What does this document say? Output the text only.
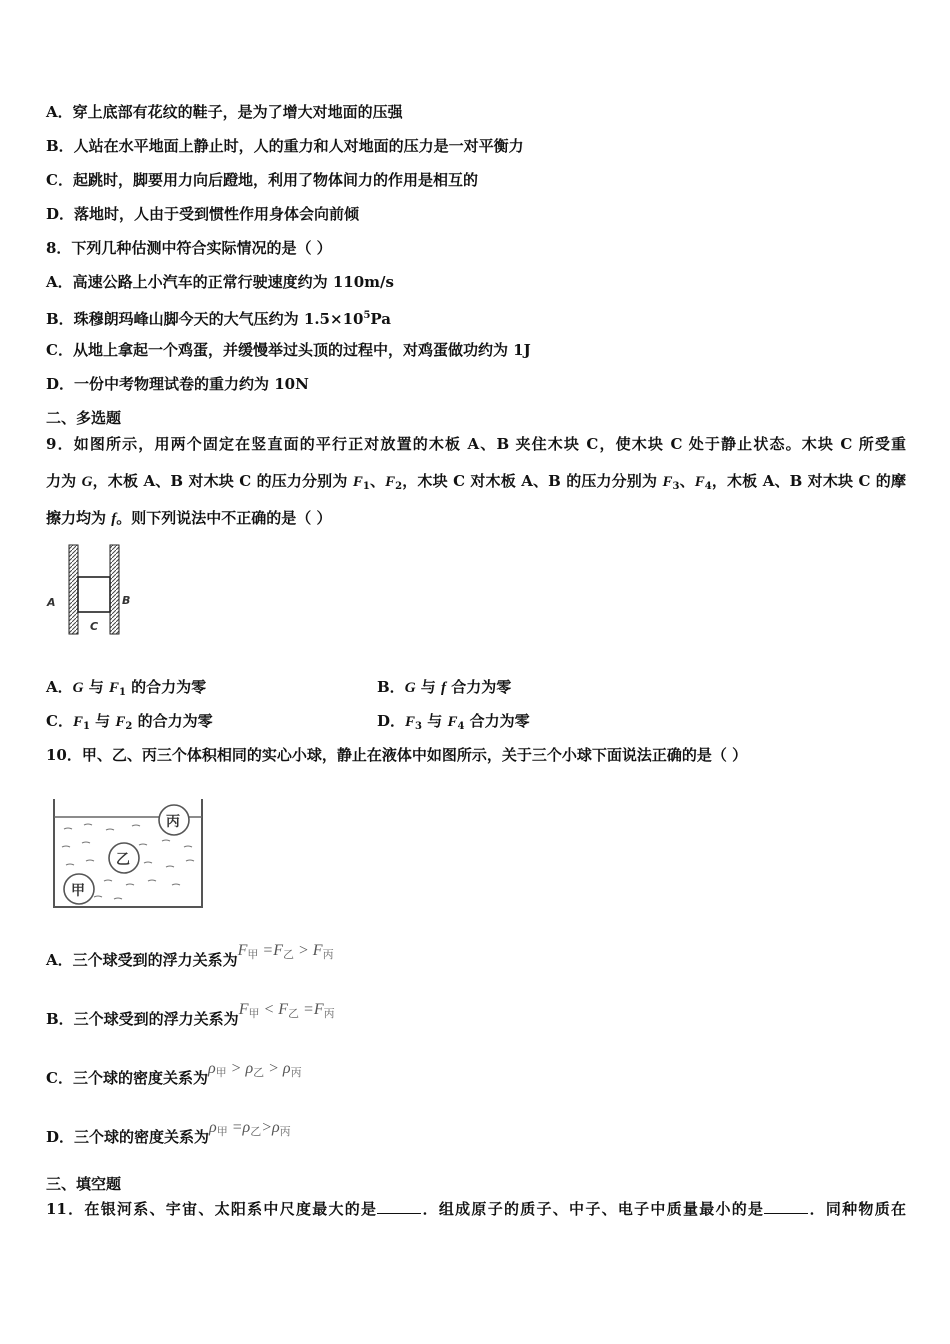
A．穿上底部有花纹的鞋子，是为了增大对地面的压强
B．人站在水平地面上静止时，人的重力和人对地面的压力是一对平衡力
C．起跳时，脚要用力向后蹬地，利用了物体间力的作用是相互的
D．落地时，人由于受到惯性作用身体会向前倾
8．下列几种估测中符合实际情况的是（ ）
A．高速公路上小汽车的正常行驶速度约为 110m/s
B．珠穆朗玛峰山脚今天的大气压约为 $1.5\times 10^5Pa$
C．从地上拿起一个鸡蛋，并缓慢举过头顶的过程中，对鸡蛋做功约为 1J
D．一份中考物理试卷的重力约为 10N
二、多选题
9．如图所示，用两个固定在竖直面的平行正对放置的木板 A、B 夹住木块 C，使木块 C 处于静止状态。木块 C 所受重
力为 G，木板 A、B 对木块 C 的压力分别为 $F_1$、$F_2$，木块 C 对木板 A、B 的压力分别为 $F_3$、$F_4$，木板 A、B 对木块 C 的摩
擦力均为 f。则下列说法中不正确的是（ ）
A	B
C
A．G 与 $F_1$ 的合力为零	B．G 与 f 合力为零
C．$F_1$ 与 $F_2$ 的合力为零	D．$F_3$ 与 $F_4$ 合力为零
10．甲、乙、丙三个体积相同的实心小球，静止在液体中如图所示，关于三个小球下面说法正确的是（ ）
丙
乙
甲
A．三个球受到的浮力关系为$F_甲 =F_乙 > F_丙$
B．三个球受到的浮力关系为$F_甲 < F_乙 =F_丙$
C．三个球的密度关系为$\rho_甲 > \rho_乙 > \rho_丙$
D．三个球的密度关系为$\rho_甲 =\rho_乙>\rho_丙$
三、填空题
11．在银河系、宇宙、太阳系中尺度最大的是	．组成原子的质子、中子、电子中质量最小的是	．同种物质在
